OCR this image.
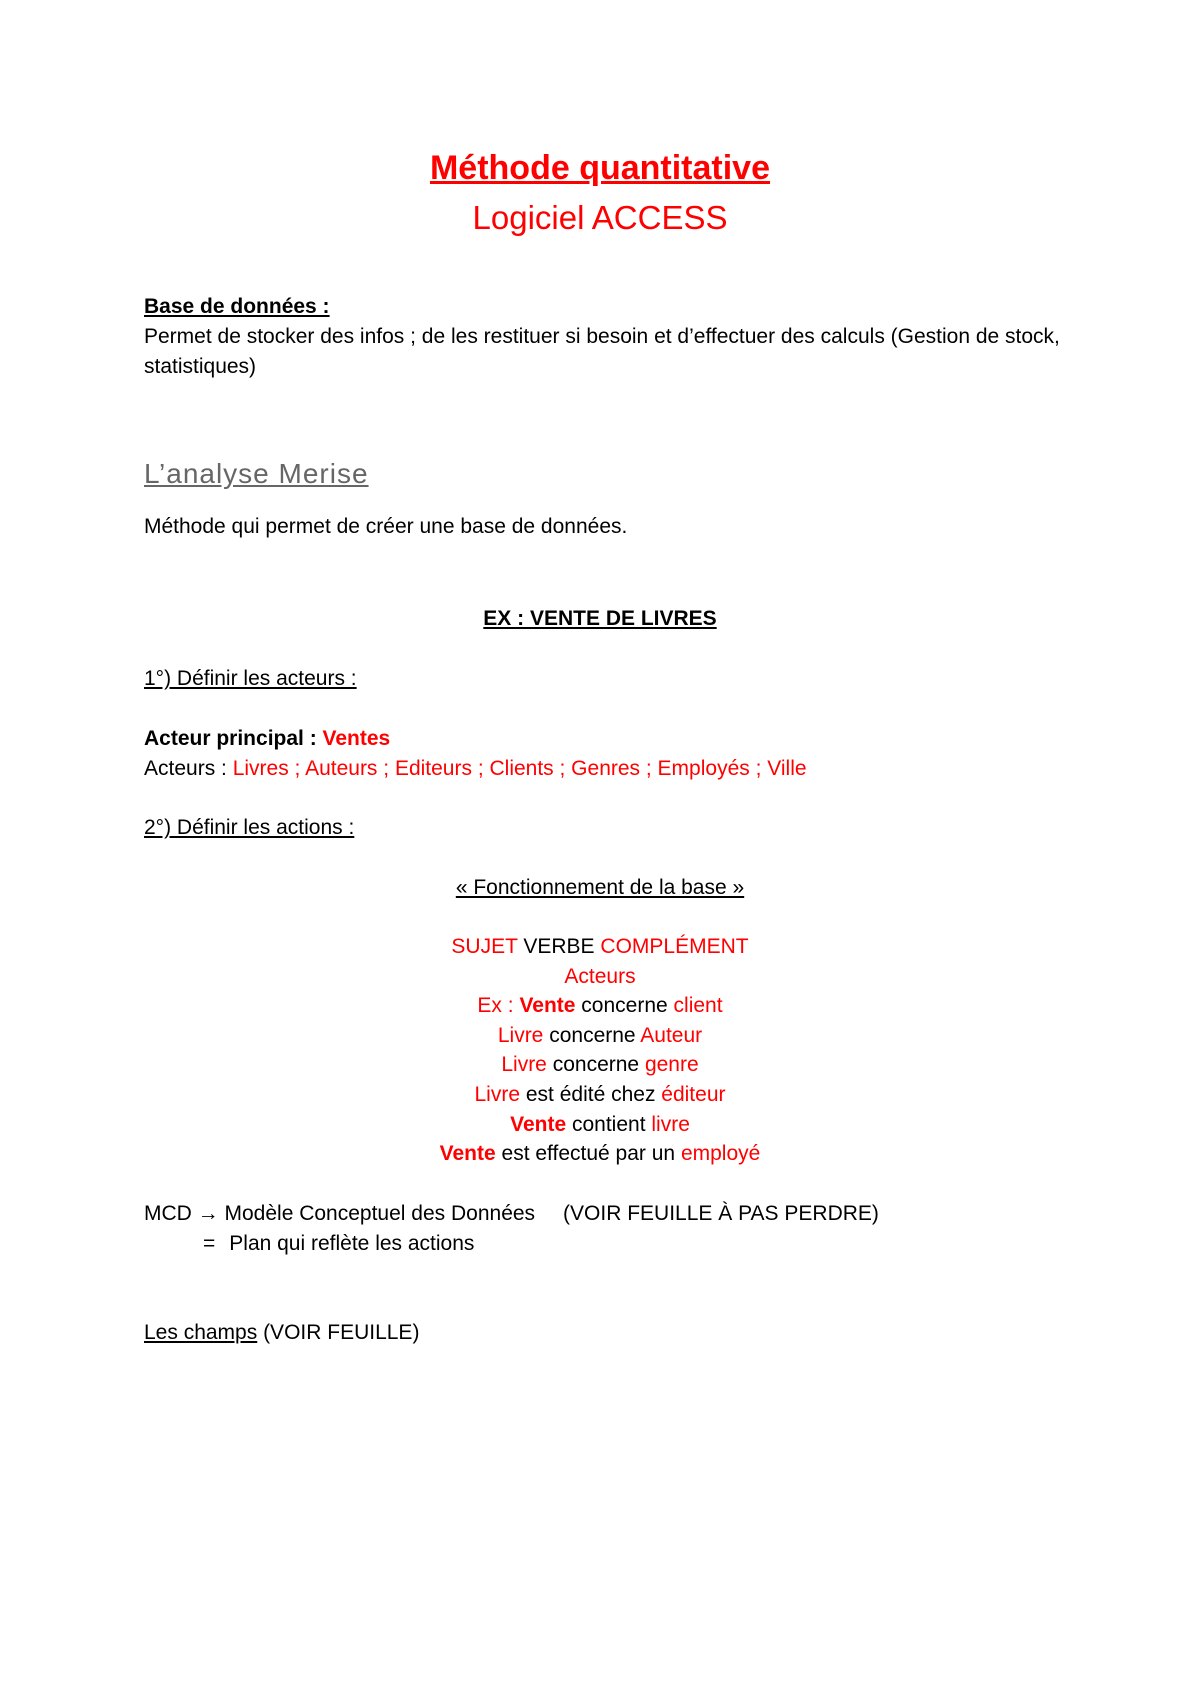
Méthode quantitative
Logiciel ACCESS
Base de données :
Permet de stocker des infos ; de les restituer si besoin et d’effectuer des calculs (Gestion de stock, statistiques)
L’analyse Merise
Méthode qui permet de créer une base de données.
EX : VENTE DE LIVRES
1°) Définir les acteurs :
Acteur principal : Ventes
Acteurs : Livres ; Auteurs ; Editeurs ; Clients ; Genres ; Employés ; Ville
2°) Définir les actions :
« Fonctionnement de la base »
SUJET VERBE COMPLÉMENT
Acteurs
Ex : Vente concerne client
Livre concerne Auteur
Livre concerne genre
Livre est édité chez éditeur
Vente contient livre
Vente est effectué par un employé
MCD → Modèle Conceptuel des Données (VOIR FEUILLE À PAS PERDRE)
= Plan qui reflète les actions
Les champs (VOIR FEUILLE)
